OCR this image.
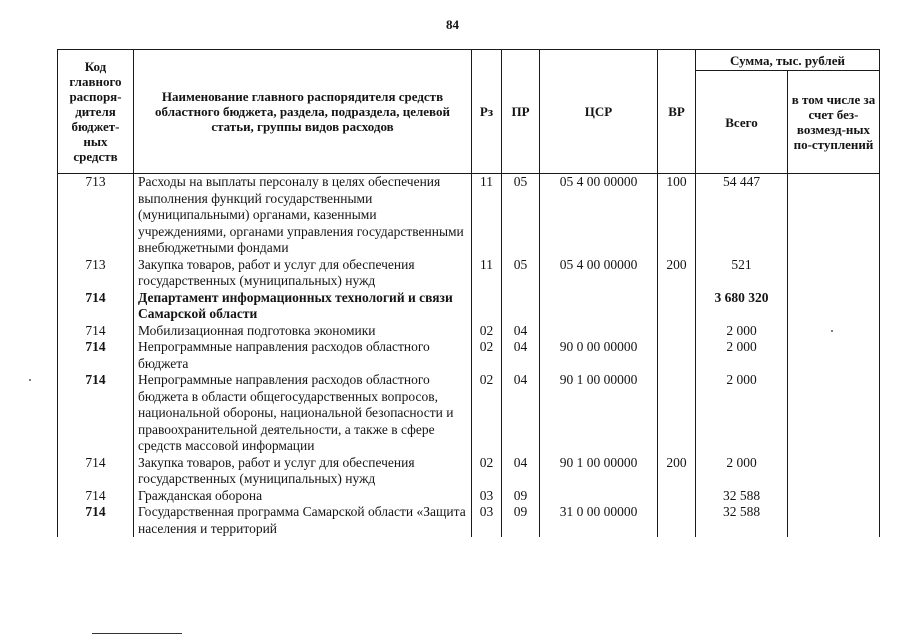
84
Код главного распоря-дителя бюджет-ных средств	Наименование главного распорядителя средств областного бюджета, раздела, подраздела, целевой статьи, группы видов расходов	Рз	ПР	ЦСР	ВР	Сумма, тыс. рублей	
						Всего	в том числе за счет без-возмезд-ных по-ступлений
713	Расходы на выплаты персоналу в целях обеспечения выполнения функций государственными (муниципальными) органами, казенными учреждениями, органами управления государственными внебюджетными фондами	11	05	05 4 00 00000	100	54 447	
713	Закупка товаров, работ и услуг для обеспечения государственных (муниципальных) нужд	11	05	05 4 00 00000	200	521	
714	Департамент информационных технологий и связи Самарской области					3 680 320	
714	Мобилизационная подготовка экономики	02	04			2 000	
714	Непрограммные направления расходов областного бюджета	02	04	90 0 00 00000		2 000	
714	Непрограммные направления расходов областного бюджета в области общегосударственных вопросов, национальной обороны, национальной безопасности и правоохранительной деятельности, а также в сфере средств массовой информации	02	04	90 1 00 00000		2 000	
714	Закупка товаров, работ и услуг для обеспечения государственных (муниципальных) нужд	02	04	90 1 00 00000	200	2 000	
714	Гражданская оборона	03	09			32 588	
714	Государственная программа Самарской области «Защита населения и территорий	03	09	31 0 00 00000		32 588	
